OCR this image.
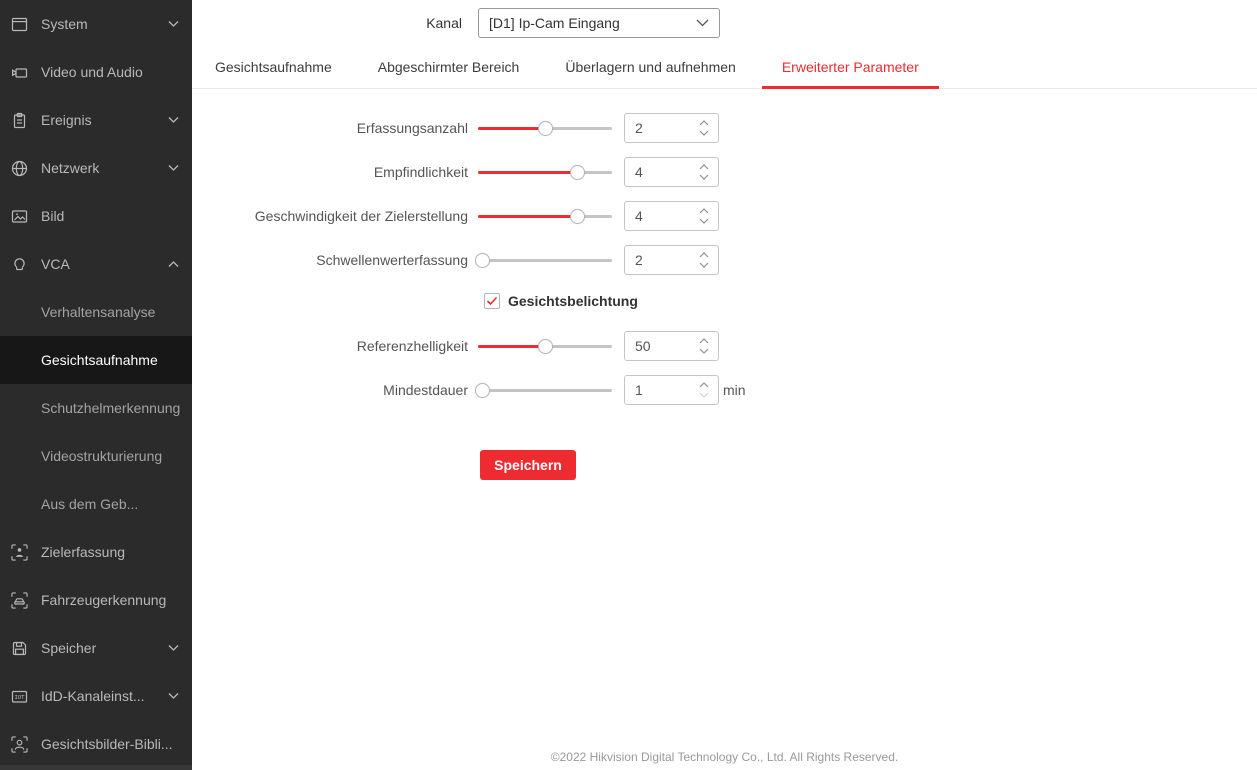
System
Video und Audio
Ereignis
Netzwerk
Bild
VCA
Verhaltensanalyse
Gesichtsaufnahme
Schutzhelmerkennung
Videostrukturierung
Aus dem Geb...
Zielerfassung
Fahrzeugerkennung
Speicher
IOT IdD-Kanaleinst...
Gesichtsbilder-Bibli...
Kanal [D1] Ip-Cam Eingang
Gesichtsaufnahme	Abgeschirmter Bereich	Überlagern und aufnehmen	Erweiterter Parameter
Erfassungsanzahl	2
Empfindlichkeit	4
Geschwindigkeit der Zielerstellung	4
Schwellenwerterfassung	2
Gesichtsbelichtung
Referenzhelligkeit	50
Mindestdauer	1	min
Speichern
©2022 Hikvision Digital Technology Co., Ltd. All Rights Reserved.
